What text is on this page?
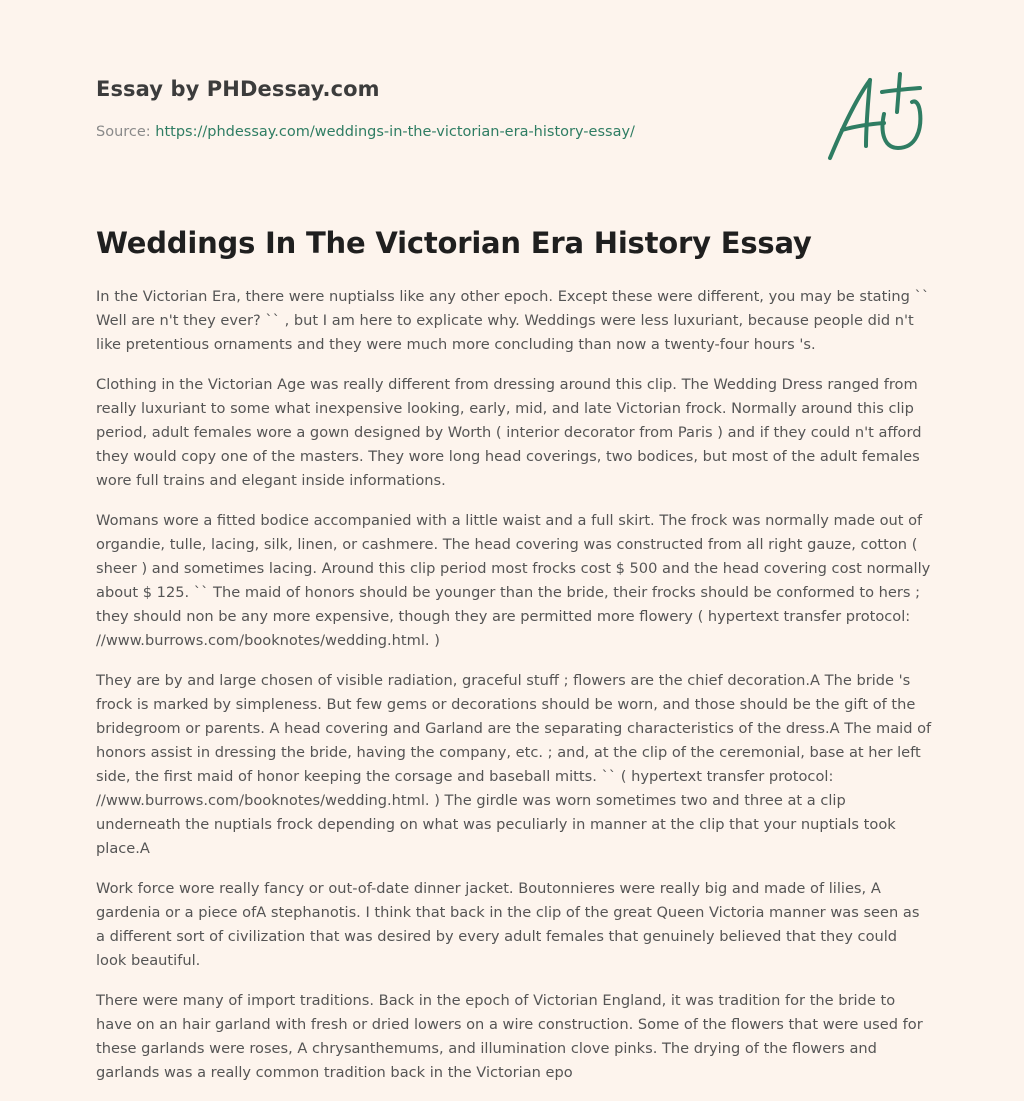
Essay by PHDessay.com
Source: https://phdessay.com/weddings-in-the-victorian-era-history-essay/
Weddings In The Victorian Era History Essay

In the Victorian Era, there were nuptialss like any other epoch. Except these were different, you may be stating `` Well are n't they ever? `` , but I am here to explicate why. Weddings were less luxuriant, because people did n't like pretentious ornaments and they were much more concluding than now a twenty-four hours 's.

Clothing in the Victorian Age was really different from dressing around this clip. The Wedding Dress ranged from really luxuriant to some what inexpensive looking, early, mid, and late Victorian frock. Normally around this clip period, adult females wore a gown designed by Worth ( interior decorator from Paris ) and if they could n't afford they would copy one of the masters. They wore long head coverings, two bodices, but most of the adult females wore full trains and elegant inside informations.

Womans wore a fitted bodice accompanied with a little waist and a full skirt. The frock was normally made out of organdie, tulle, lacing, silk, linen, or cashmere. The head covering was constructed from all right gauze, cotton ( sheer ) and sometimes lacing. Around this clip period most frocks cost $ 500 and the head covering cost normally about $ 125. `` The maid of honors should be younger than the bride, their frocks should be conformed to hers ; they should non be any more expensive, though they are permitted more flowery ( hypertext transfer protocol: //www.burrows.com/booknotes/wedding.html. )

They are by and large chosen of visible radiation, graceful stuff ; flowers are the chief decoration.A The bride 's frock is marked by simpleness. But few gems or decorations should be worn, and those should be the gift of the bridegroom or parents. A head covering and Garland are the separating characteristics of the dress.A The maid of honors assist in dressing the bride, having the company, etc. ; and, at the clip of the ceremonial, base at her left side, the first maid of honor keeping the corsage and baseball mitts. `` ( hypertext transfer protocol: //www.burrows.com/booknotes/wedding.html. ) The girdle was worn sometimes two and three at a clip underneath the nuptials frock depending on what was peculiarly in manner at the clip that your nuptials took place.A

Work force wore really fancy or out-of-date dinner jacket. Boutonnieres were really big and made of lilies, A gardenia or a piece ofA stephanotis. I think that back in the clip of the great Queen Victoria manner was seen as a different sort of civilization that was desired by every adult females that genuinely believed that they could look beautiful.

There were many of import traditions. Back in the epoch of Victorian England, it was tradition for the bride to have on an hair garland with fresh or dried lowers on a wire construction. Some of the flowers that were used for these garlands were roses, A chrysanthemums, and illumination clove pinks. The drying of the flowers and garlands was a really common tradition back in the Victorian epo
